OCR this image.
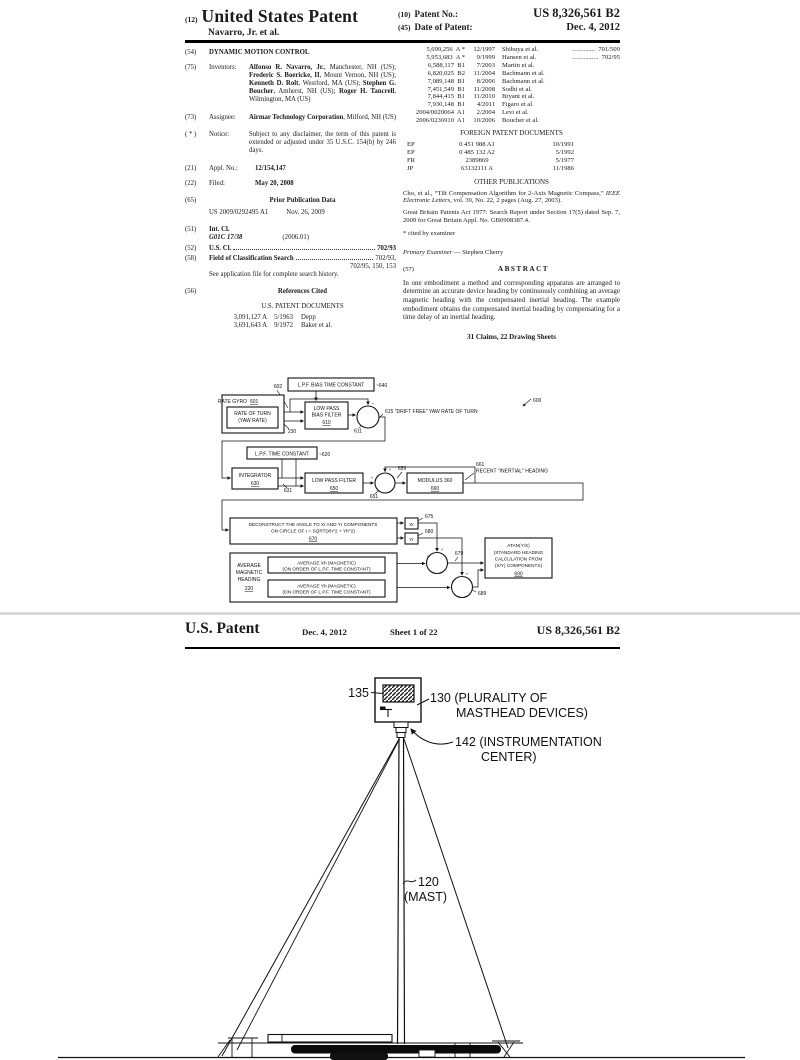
(12) United States Patent
Navarro, Jr. et al.
(10) Patent No.:	US 8,326,561 B2
(45) Date of Patent:	Dec. 4, 2012
(54)	DYNAMIC MOTION CONTROL
(75)	Inventors:	Alfonso R. Navarro, Jr., Manchester, NH (US); Frederic S. Boericke, II, Mount Vernon, NH (US); Kenneth D. Rolt, Westford, MA (US); Stephen G. Boucher, Amherst, NH (US); Roger H. Tancrell, Wilmington, MA (US)
(73)	Assignee:	Airmar Technology Corporation, Milford, NH (US)
( * )	Notice:	Subject to any disclaimer, the term of this patent is extended or adjusted under 35 U.S.C. 154(b) by 246 days.
(21)	Appl. No.:	12/154,147
(22)	Filed:	May 20, 2008
(65)	Prior Publication Data
US 2009/0292495 A1	Nov. 26, 2009
(51)	Int. Cl.
G01C 17/38	(2006.01)
(52)	U.S. Cl.	702/93
(58)	Field of Classification Search	702/93,
702/95, 150, 153
See application file for complete search history.
(56)	References Cited
U.S. PATENT DOCUMENTS
3,091,127 A	5/1963 Depp
3,691,643 A	9/1972 Baker et al.
5,699,256  A *	12/1997 Shibuya et al.	..............  701/509
5,953,683  A *	9/1999 Hansen et al.	................  702/95
6,588,117  B1	7/2003 Martin et al.
6,820,025  B2	11/2004 Bachmann et al.
7,089,148  B1	8/2006 Bachmann et al.
7,451,549  B1	11/2008 Sodhi et al.
7,844,415  B1	11/2010 Bryant et al.
7,930,148  B1	4/2011 Figaro et al.
2004/0020064  A1	2/2004 Levi et al.
2006/0236910  A1	10/2006 Boucher et al.
FOREIGN PATENT DOCUMENTS
EP	0 451 988 A1	10/1991
EP	0 485 132 A2	5/1992
FR	2389869	5/1977
JP	63132111 A	11/1986
OTHER PUBLICATIONS
Cho, et al., “Tilt Compensation Algorithm for 2-Axis Magnetic Compass,” IEEE Electronic Letters, vol. 39, No. 22, 2 pages (Aug. 27, 2003).
Great Britain Patents Act 1977: Search Report under Section 17(5) dated Sep. 7, 2009 for Great Britain Appl. No. GB0908387.4.
* cited by examiner
Primary Examiner — Stephen Cherry
(57)	ABSTRACT
In one embodiment a method and corresponding apparatus are arranged to determine an accurate device heading by continuously combining an average magnetic heading with the compensated inertial heading. The example embodiment obtains the compensated inertial heading by compensating for a time delay of an inertial heading.
31 Claims, 22 Drawing Sheets
L.P.F. BIAS TIME CONSTANT ~640
602
RATE GYRO 601
RATE OF TURN
(YAW RATE)
230
LOW PASS
BIAS FILTER
610
611
615 "DRIFT FREE" YAW RATE OF TURN
600
L.P.F. TIME CONSTANT ~620
INTEGRATOR
630
631
LOW PASS FILTER
650
651
659
MODULUS 360
660
661
RECENT "INERTIAL" HEADING
DECONSTRUCT THE ANGLE TO Xr AND Yr COMPONENTS
ON CIRCLE OF r = SQRT(Xh^2 + Yh^2)
670
Xr
Yr
675
680
AVERAGE
MAGNETIC
HEADING
220
AVERAGE Xh (MAGNETIC)
(ON ORDER OF L.P.F. TIME CONSTANT)
AVERAGE Yh (MAGNETIC)
(ON ORDER OF L.P.F. TIME CONSTANT)
679
689
ATAN(Y/X)
(STANDARD HEADING
CALCULATION FROM
(X/Y) COMPONENTS)
690
+
-
+
+
+
+
+
+
U.S. Patent	Dec. 4, 2012	Sheet 1 of 22	US 8,326,561 B2
135	130 (PLURALITY OF
MASTHEAD DEVICES)
142 (INSTRUMENTATION
CENTER)
120
(MAST)
